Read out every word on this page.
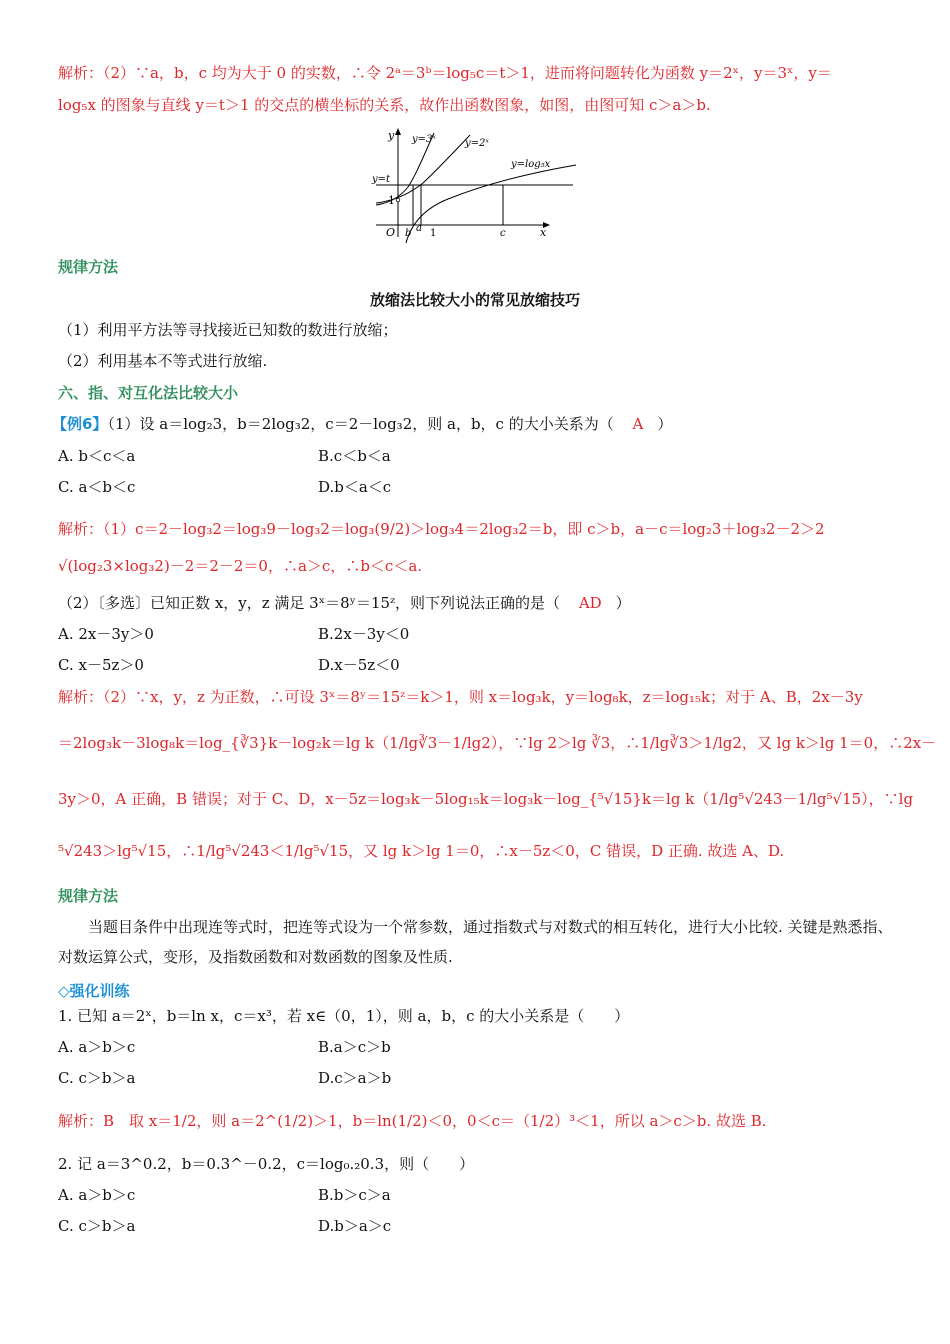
解析：（2）∵a，b，c 均为大于 0 的实数，∴令 2ᵃ＝3ᵇ＝log₅c＝t＞1，进而将问题转化为函数 y＝2ˣ，y＝3ˣ，y＝
log₅x 的图象与直线 y＝t＞1 的交点的横坐标的关系，故作出函数图象，如图，由图可知 c＞a＞b.
y
x
O
1
y=t
y=3ˣ	y=2ˣ
y=log₅x
b a 1	c
规律方法
放缩法比较大小的常见放缩技巧
（1）利用平方法等寻找接近已知数的数进行放缩；
（2）利用基本不等式进行放缩.
六、指、对互化法比较大小
【例6】（1）设 a＝log₂3，b＝2log₃2，c＝2－log₃2，则 a，b，c 的大小关系为（ A ）
A. b＜c＜a	B.c＜b＜a
C. a＜b＜c	D.b＜a＜c
解析：（1）c＝2－log₃2＝log₃9－log₃2＝log₃(9/2)＞log₃4＝2log₃2＝b，即 c＞b，a－c＝log₂3＋log₃2－2＞2
√(log₂3×log₃2)－2＝2－2＝0，∴a＞c，∴b＜c＜a.
（2）〔多选〕已知正数 x，y，z 满足 3ˣ＝8ʸ＝15ᶻ，则下列说法正确的是（ AD ）
A. 2x－3y＞0	B.2x－3y＜0
C. x－5z＞0	D.x－5z＜0
解析：（2）∵x，y，z 为正数，∴可设 3ˣ＝8ʸ＝15ᶻ＝k＞1，则 x＝log₃k，y＝log₈k，z＝log₁₅k；对于 A、B，2x－3y
＝2log₃k－3log₈k＝log_{∛3}k－log₂k＝lg k（1/lg∛3－1/lg2），∵lg 2＞lg ∛3，∴1/lg∛3＞1/lg2，又 lg k＞lg 1＝0，∴2x－
3y＞0，A 正确，B 错误；对于 C、D，x－5z＝log₃k－5log₁₅k＝log₃k－log_{⁵√15}k＝lg k（1/lg⁵√243－1/lg⁵√15），∵lg
⁵√243＞lg⁵√15，∴1/lg⁵√243＜1/lg⁵√15，又 lg k＞lg 1＝0，∴x－5z＜0，C 错误，D 正确. 故选 A、D.
规律方法
当题目条件中出现连等式时，把连等式设为一个常参数，通过指数式与对数式的相互转化，进行大小比较. 关键是熟悉指、对数运算公式，变形，及指数函数和对数函数的图象及性质.
◇强化训练
1. 已知 a＝2ˣ，b＝ln x，c＝x³，若 x∈（0，1），则 a，b，c 的大小关系是（　　）
A. a＞b＞c	B.a＞c＞b
C. c＞b＞a	D.c＞a＞b
解析：B　取 x＝1/2，则 a＝2^(1/2)＞1，b＝ln(1/2)＜0，0＜c＝（1/2）³＜1，所以 a＞c＞b. 故选 B.
2. 记 a＝3^0.2，b＝0.3^－0.2，c＝log₀.₂0.3，则（　　）
A. a＞b＞c	B.b＞c＞a
C. c＞b＞a	D.b＞a＞c
